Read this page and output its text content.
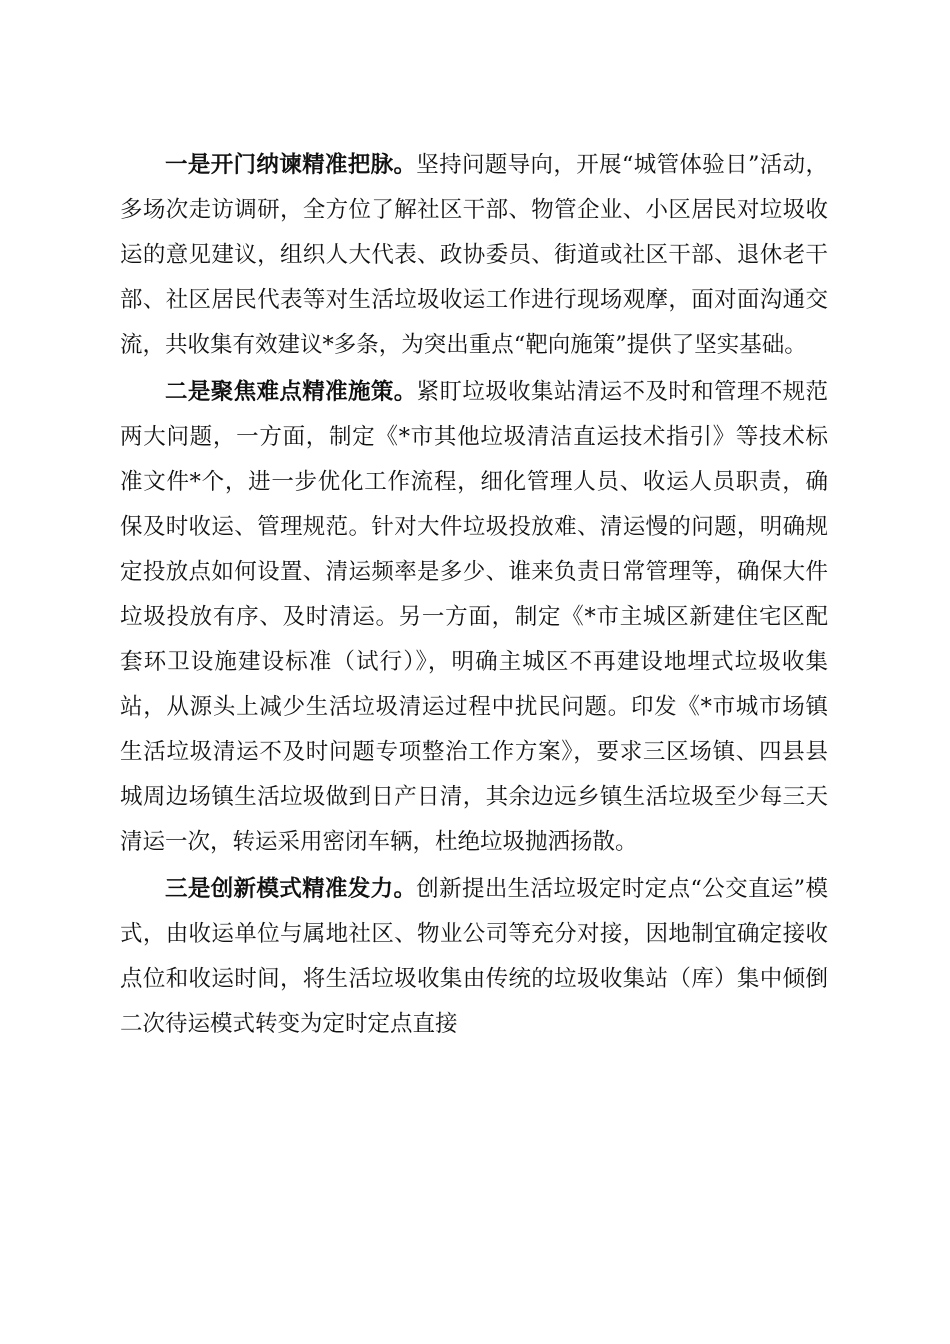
一是开门纳谏精准把脉。坚持问题导向，开展“城管体验日”活动，多场次走访调研，全方位了解社区干部、物管企业、小区居民对垃圾收运的意见建议，组织人大代表、政协委员、街道或社区干部、退休老干部、社区居民代表等对生活垃圾收运工作进行现场观摩，面对面沟通交流，共收集有效建议*多条，为突出重点“靶向施策”提供了坚实基础。

二是聚焦难点精准施策。紧盯垃圾收集站清运不及时和管理不规范两大问题，一方面，制定《*市其他垃圾清洁直运技术指引》等技术标准文件*个，进一步优化工作流程，细化管理人员、收运人员职责，确保及时收运、管理规范。针对大件垃圾投放难、清运慢的问题，明确规定投放点如何设置、清运频率是多少、谁来负责日常管理等，确保大件垃圾投放有序、及时清运。另一方面，制定《*市主城区新建住宅区配套环卫设施建设标准（试行）》，明确主城区不再建设地埋式垃圾收集站，从源头上减少生活垃圾清运过程中扰民问题。印发《*市城市场镇生活垃圾清运不及时问题专项整治工作方案》，要求三区场镇、四县县城周边场镇生活垃圾做到日产日清，其余边远乡镇生活垃圾至少每三天清运一次，转运采用密闭车辆，杜绝垃圾抛洒扬散。

三是创新模式精准发力。创新提出生活垃圾定时定点“公交直运”模式，由收运单位与属地社区、物业公司等充分对接，因地制宜确定接收点位和收运时间，将生活垃圾收集由传统的垃圾收集站（库）集中倾倒二次待运模式转变为定时定点直接
